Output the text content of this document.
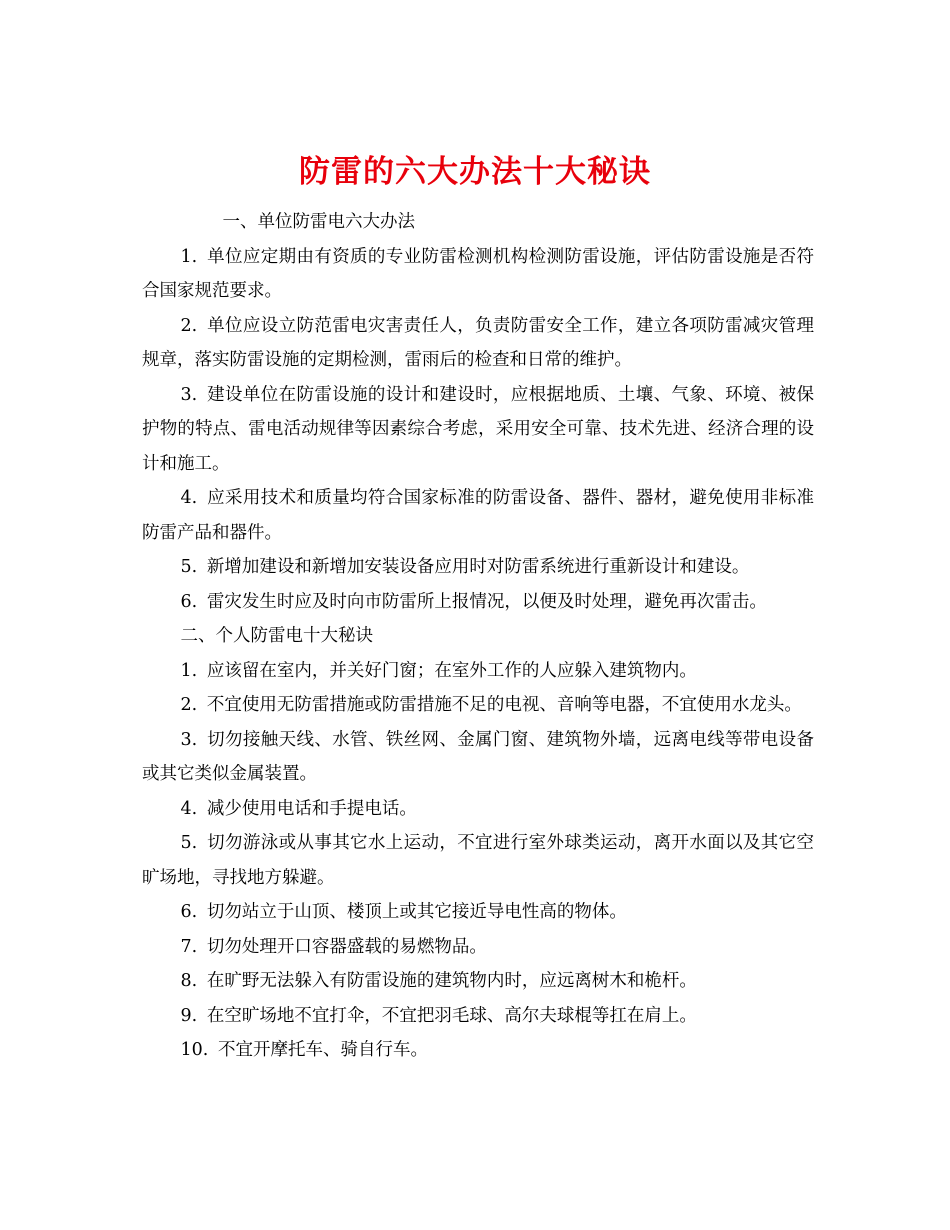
防雷的六大办法十大秘诀

一、单位防雷电六大办法

1. 单位应定期由有资质的专业防雷检测机构检测防雷设施，评估防雷设施是否符合国家规范要求。

2. 单位应设立防范雷电灾害责任人，负责防雷安全工作，建立各项防雷减灾管理规章，落实防雷设施的定期检测，雷雨后的检查和日常的维护。

3. 建设单位在防雷设施的设计和建设时，应根据地质、土壤、气象、环境、被保护物的特点、雷电活动规律等因素综合考虑，采用安全可靠、技术先进、经济合理的设计和施工。

4. 应采用技术和质量均符合国家标准的防雷设备、器件、器材，避免使用非标准防雷产品和器件。

5. 新增加建设和新增加安装设备应用时对防雷系统进行重新设计和建设。

6. 雷灾发生时应及时向市防雷所上报情况，以便及时处理，避免再次雷击。

二、个人防雷电十大秘诀

1. 应该留在室内，并关好门窗；在室外工作的人应躲入建筑物内。

2. 不宜使用无防雷措施或防雷措施不足的电视、音响等电器，不宜使用水龙头。

3. 切勿接触天线、水管、铁丝网、金属门窗、建筑物外墙，远离电线等带电设备或其它类似金属装置。

4. 减少使用电话和手提电话。

5. 切勿游泳或从事其它水上运动，不宜进行室外球类运动，离开水面以及其它空旷场地，寻找地方躲避。

6. 切勿站立于山顶、楼顶上或其它接近导电性高的物体。

7. 切勿处理开口容器盛载的易燃物品。

8. 在旷野无法躲入有防雷设施的建筑物内时，应远离树木和桅杆。

9. 在空旷场地不宜打伞，不宜把羽毛球、高尔夫球棍等扛在肩上。

10. 不宜开摩托车、骑自行车。
